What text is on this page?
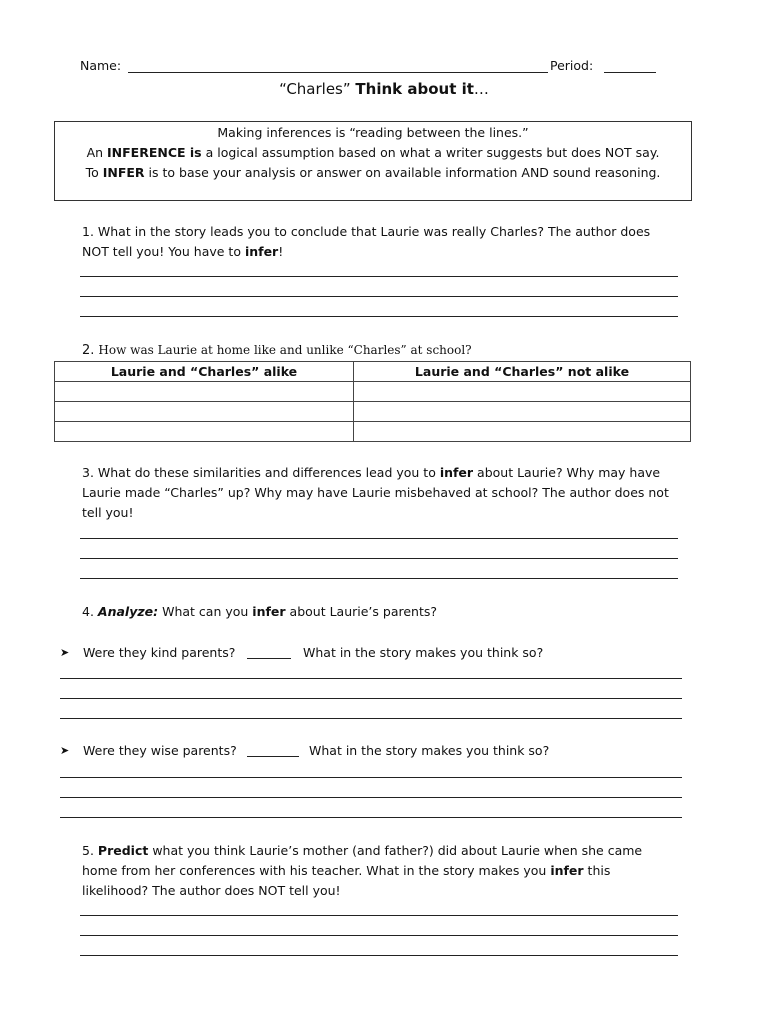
Name:	Period:
“Charles” Think about it…

Making inferences is “reading between the lines.”

An INFERENCE is a logical assumption based on what a writer suggests but does NOT say.

To INFER is to base your analysis or answer on available information AND sound reasoning.

1. What in the story leads you to conclude that Laurie was really Charles? The author does
NOT tell you! You have to infer!
2. How was Laurie at home like and unlike “Charles” at school?
Laurie and “Charles” alike	Laurie and “Charles” not alike

3. What do these similarities and differences lead you to infer about Laurie? Why may have
Laurie made “Charles” up? Why may have Laurie misbehaved at school? The author does not
tell you!
4. Analyze: What can you infer about Laurie’s parents?
➤ Were they kind parents?	What in the story makes you think so?
➤ Were they wise parents?	What in the story makes you think so?
5. Predict what you think Laurie’s mother (and father?) did about Laurie when she came
home from her conferences with his teacher. What in the story makes you infer this
likelihood? The author does NOT tell you!
